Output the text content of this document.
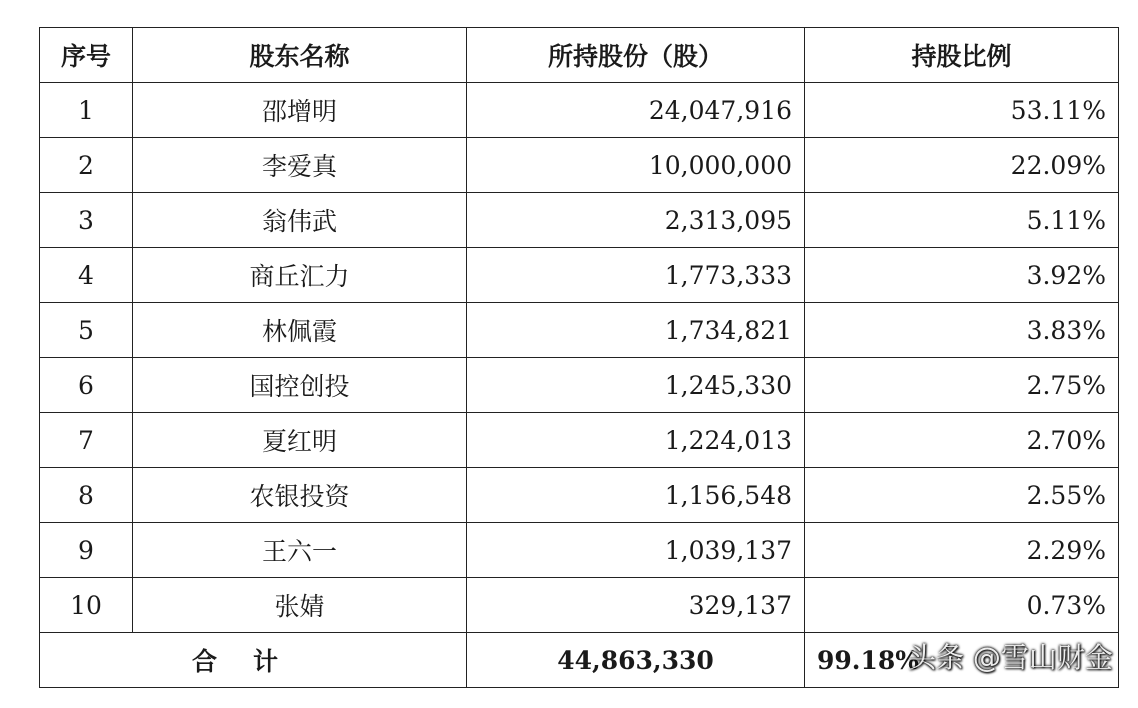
序号	股东名称	所持股份（股）	持股比例
1	邵增明	24,047,916	53.11%
2	李爱真	10,000,000	22.09%
3	翁伟武	2,313,095	5.11%
4	商丘汇力	1,773,333	3.92%
5	林佩霞	1,734,821	3.83%
6	国控创投	1,245,330	2.75%
7	夏红明	1,224,013	2.70%
8	农银投资	1,156,548	2.55%
9	王六一	1,039,137	2.29%
10	张婧	329,137	0.73%
合计		44,863,330	99.18%
头条 @雪山财金
